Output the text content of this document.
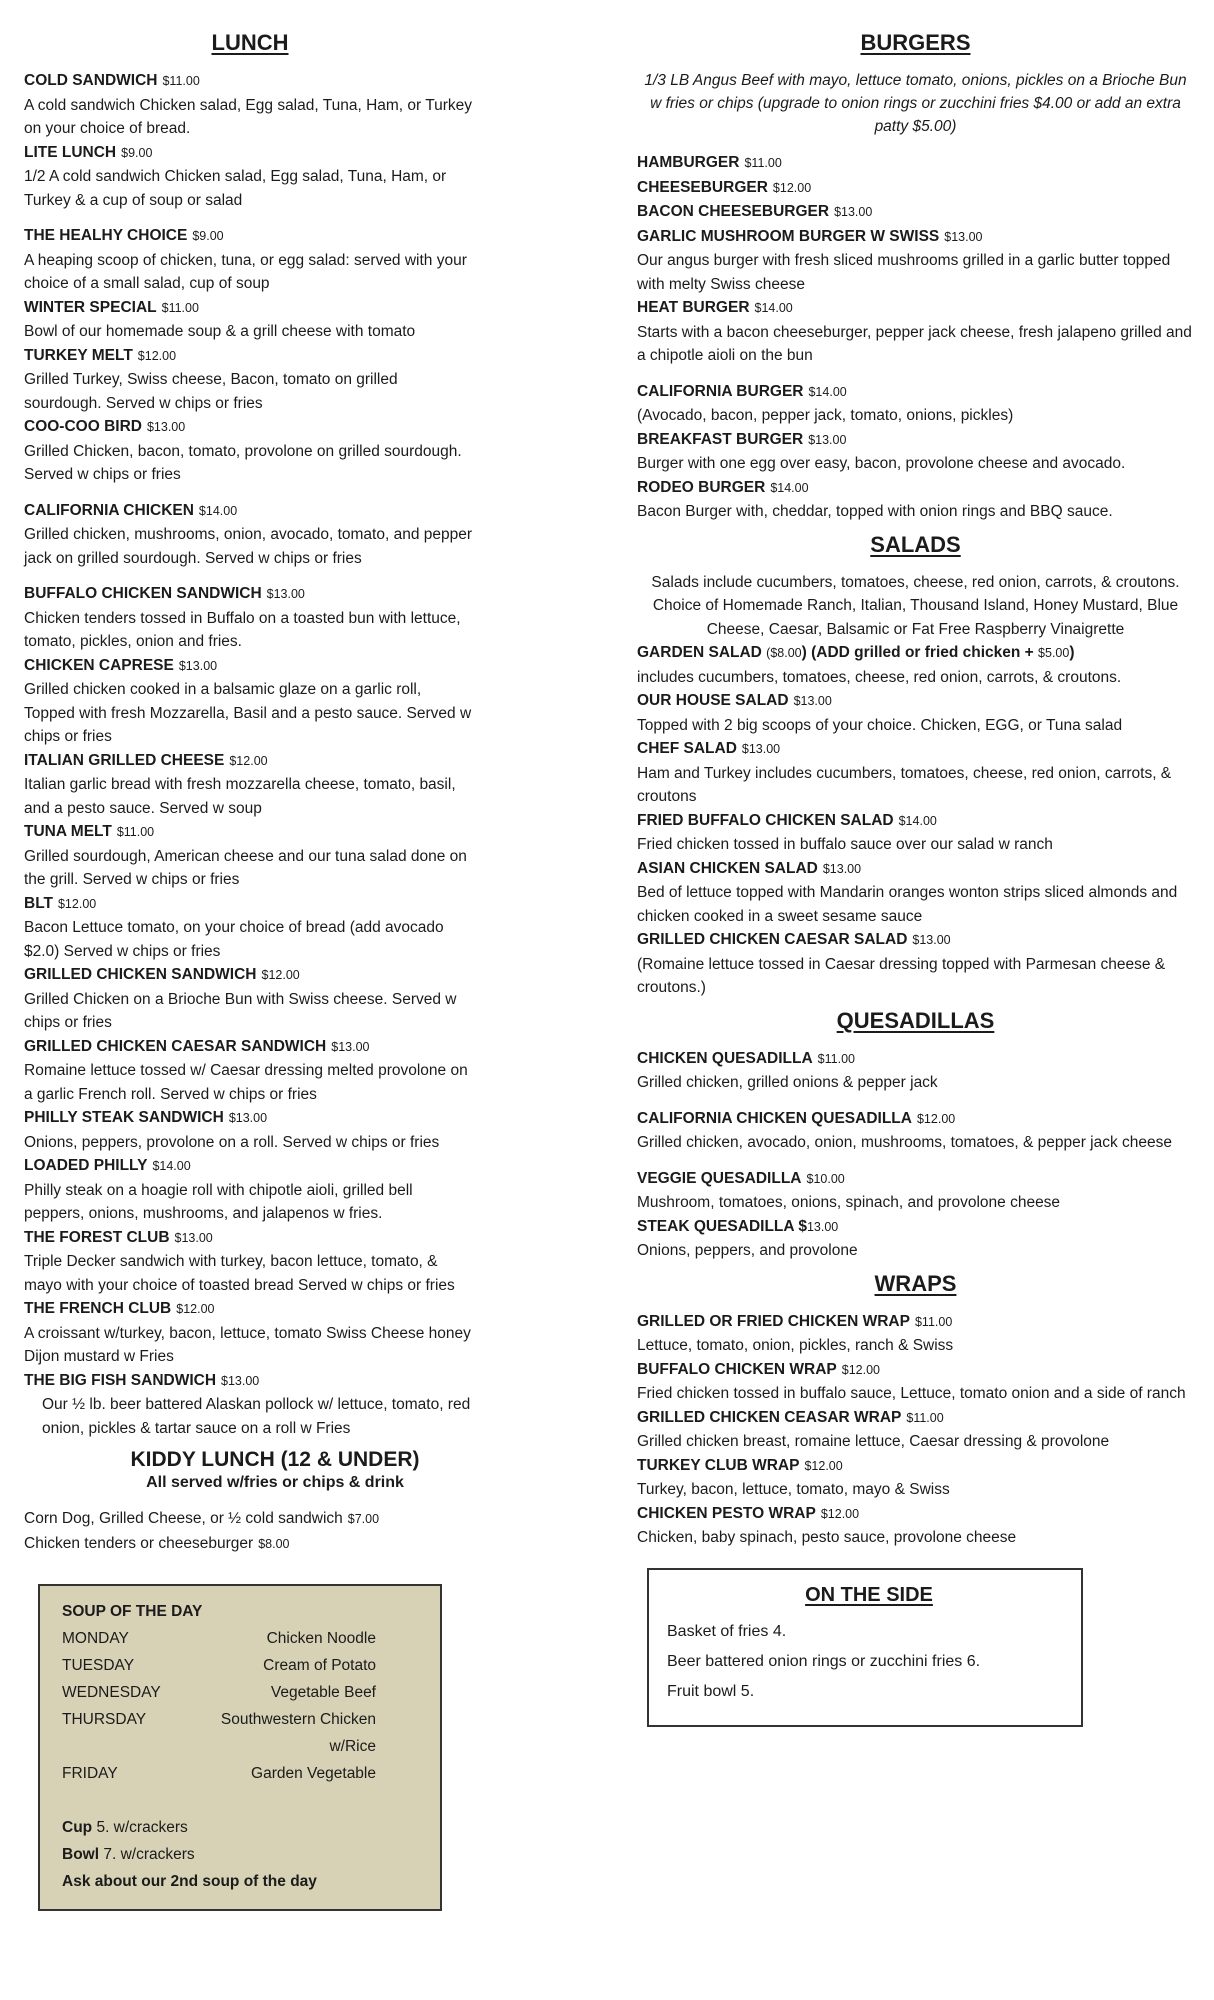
LUNCH
COLD SANDWICH $11.00
A cold sandwich Chicken salad, Egg salad, Tuna, Ham, or Turkey on your choice of bread.
LITE LUNCH $9.00
1/2 A cold sandwich Chicken salad, Egg salad, Tuna, Ham, or Turkey & a cup of soup or salad
THE HEALHY CHOICE $9.00
A heaping scoop of chicken, tuna, or egg salad: served with your choice of a small salad, cup of soup
WINTER SPECIAL $11.00
Bowl of our homemade soup & a grill cheese with tomato
TURKEY MELT $12.00
Grilled Turkey, Swiss cheese, Bacon, tomato on grilled sourdough. Served w chips or fries
COO-COO BIRD $13.00
Grilled Chicken, bacon, tomato, provolone on grilled sourdough. Served w chips or fries
CALIFORNIA CHICKEN $14.00
Grilled chicken, mushrooms, onion, avocado, tomato, and pepper jack on grilled sourdough. Served w chips or fries
BUFFALO CHICKEN SANDWICH $13.00
Chicken tenders tossed in Buffalo on a toasted bun with lettuce, tomato, pickles, onion and fries.
CHICKEN CAPRESE $13.00
Grilled chicken cooked in a balsamic glaze on a garlic roll, Topped with fresh Mozzarella, Basil and a pesto sauce. Served w chips or fries
ITALIAN GRILLED CHEESE $12.00
Italian garlic bread with fresh mozzarella cheese, tomato, basil, and a pesto sauce. Served w soup
TUNA MELT $11.00
Grilled sourdough, American cheese and our tuna salad done on the grill. Served w chips or fries
BLT $12.00
Bacon Lettuce tomato, on your choice of bread (add avocado $2.0) Served w chips or fries
GRILLED CHICKEN SANDWICH $12.00
Grilled Chicken on a Brioche Bun with Swiss cheese. Served w chips or fries
GRILLED CHICKEN CAESAR SANDWICH $13.00
Romaine lettuce tossed w/ Caesar dressing melted provolone on a garlic French roll. Served w chips or fries
PHILLY STEAK SANDWICH $13.00
Onions, peppers, provolone on a roll. Served w chips or fries
LOADED PHILLY $14.00
Philly steak on a hoagie roll with chipotle aioli, grilled bell peppers, onions, mushrooms, and jalapenos w fries.
THE FOREST CLUB $13.00
Triple Decker sandwich with turkey, bacon lettuce, tomato, & mayo with your choice of toasted bread Served w chips or fries
THE FRENCH CLUB $12.00
A croissant w/turkey, bacon, lettuce, tomato Swiss Cheese honey Dijon mustard w Fries
THE BIG FISH SANDWICH $13.00
Our ½ lb. beer battered Alaskan pollock w/ lettuce, tomato, red onion, pickles & tartar sauce on a roll w Fries
KIDDY LUNCH (12 & UNDER)
All served w/fries or chips & drink
Corn Dog, Grilled Cheese, or ½ cold sandwich $7.00
Chicken tenders or cheeseburger $8.00
SOUP OF THE DAY
MONDAY	Chicken Noodle
TUESDAY	Cream of Potato
WEDNESDAY	Vegetable Beef
THURSDAY	Southwestern Chicken w/Rice
FRIDAY	Garden Vegetable
Cup 5. w/crackers
Bowl 7. w/crackers
Ask about our 2nd soup of the day
BURGERS
1/3 LB Angus Beef with mayo, lettuce tomato, onions, pickles on a Brioche Bun w fries or chips (upgrade to onion rings or zucchini fries $4.00 or add an extra patty $5.00)
HAMBURGER $11.00
CHEESEBURGER $12.00
BACON CHEESEBURGER $13.00
GARLIC MUSHROOM BURGER W SWISS $13.00
Our angus burger with fresh sliced mushrooms grilled in a garlic butter topped with melty Swiss cheese
HEAT BURGER $14.00
Starts with a bacon cheeseburger, pepper jack cheese, fresh jalapeno grilled and a chipotle aioli on the bun
CALIFORNIA BURGER $14.00
(Avocado, bacon, pepper jack, tomato, onions, pickles)
BREAKFAST BURGER $13.00
Burger with one egg over easy, bacon, provolone cheese and avocado.
RODEO BURGER $14.00
Bacon Burger with, cheddar, topped with onion rings and BBQ sauce.
SALADS
Salads include cucumbers, tomatoes, cheese, red onion, carrots, & croutons.
Choice of Homemade Ranch, Italian, Thousand Island, Honey Mustard, Blue Cheese, Caesar, Balsamic or Fat Free Raspberry Vinaigrette
GARDEN SALAD ($8.00) (ADD grilled or fried chicken + $5.00)
includes cucumbers, tomatoes, cheese, red onion, carrots, & croutons.
OUR HOUSE SALAD $13.00
Topped with 2 big scoops of your choice. Chicken, EGG, or Tuna salad
CHEF SALAD $13.00
Ham and Turkey includes cucumbers, tomatoes, cheese, red onion, carrots, & croutons
FRIED BUFFALO CHICKEN SALAD $14.00
Fried chicken tossed in buffalo sauce over our salad w ranch
ASIAN CHICKEN SALAD $13.00
Bed of lettuce topped with Mandarin oranges wonton strips sliced almonds and chicken cooked in a sweet sesame sauce
GRILLED CHICKEN CAESAR SALAD $13.00
(Romaine lettuce tossed in Caesar dressing topped with Parmesan cheese & croutons.)
QUESADILLAS
CHICKEN QUESADILLA $11.00
Grilled chicken, grilled onions & pepper jack
CALIFORNIA CHICKEN QUESADILLA $12.00
Grilled chicken, avocado, onion, mushrooms, tomatoes, & pepper jack cheese
VEGGIE QUESADILLA $10.00
Mushroom, tomatoes, onions, spinach, and provolone cheese
STEAK QUESADILLA $13.00
Onions, peppers, and provolone
WRAPS
GRILLED OR FRIED CHICKEN WRAP $11.00
Lettuce, tomato, onion, pickles, ranch & Swiss
BUFFALO CHICKEN WRAP $12.00
Fried chicken tossed in buffalo sauce, Lettuce, tomato onion and a side of ranch
GRILLED CHICKEN CEASAR WRAP $11.00
Grilled chicken breast, romaine lettuce, Caesar dressing & provolone
TURKEY CLUB WRAP $12.00
Turkey, bacon, lettuce, tomato, mayo & Swiss
CHICKEN PESTO WRAP $12.00
Chicken, baby spinach, pesto sauce, provolone cheese
ON THE SIDE
Basket of fries 4.
Beer battered onion rings or zucchini fries 6.
Fruit bowl 5.
